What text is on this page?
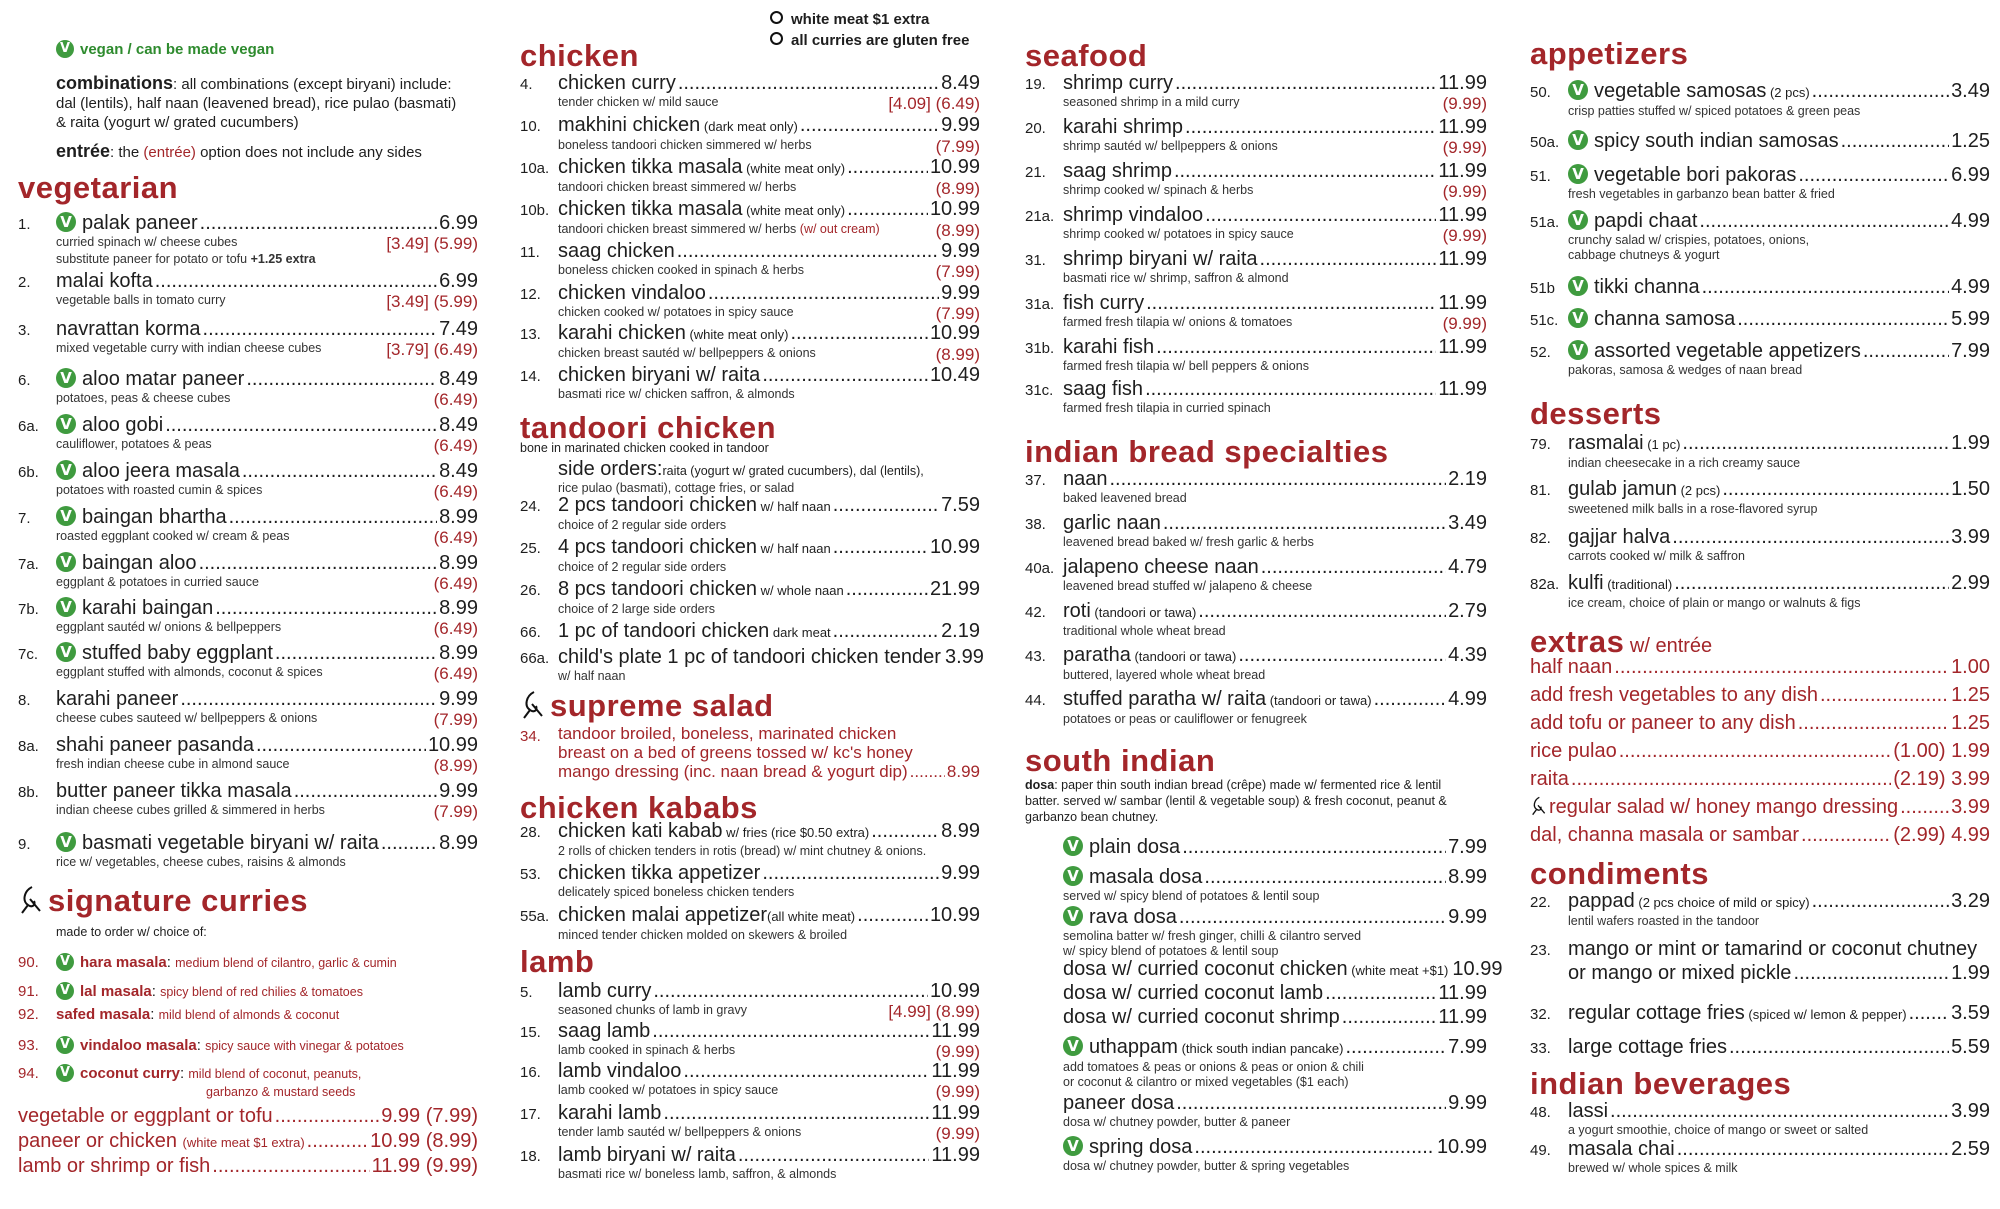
V vegan / can be made vegan
combinations: all combinations (except biryani) include:
dal (lentils), half naan (leavened bread), rice pulao (basmati)
& raita (yogurt w/ grated cucumbers)
entrée: the (entrée) option does not include any sides
vegetarian
1. V palak paneer .....	6.99
curried spinach w/ cheese cubes	[3.49] (5.99)
substitute paneer for potato or tofu +1.25 extra
2. malai kofta .....	6.99
vegetable balls in tomato curry	[3.49] (5.99)
3. navrattan korma .....	7.49
mixed vegetable curry with indian cheese cubes	[3.79] (6.49)
6. V aloo matar paneer .....	8.49
potatoes, peas & cheese cubes	(6.49)
6a. V aloo gobi .....	8.49
cauliflower, potatoes & peas	(6.49)
6b. V aloo jeera masala .....	8.49
potatoes with roasted cumin & spices	(6.49)
7. V baingan bhartha .....	8.99
roasted eggplant cooked w/ cream & peas	(6.49)
7a. V baingan aloo .....	8.99
eggplant & potatoes in curried sauce	(6.49)
7b. V karahi baingan .....	8.99
eggplant sautéd w/ onions & bellpeppers	(6.49)
7c. V stuffed baby eggplant .....	8.99
eggplant stuffed with almonds, coconut & spices	(6.49)
8. karahi paneer .....	9.99
cheese cubes sauteed w/ bellpeppers & onions	(7.99)
8a. shahi paneer pasanda .....	10.99
fresh indian cheese cube in almond sauce	(8.99)
8b. butter paneer tikka masala .....	9.99
indian cheese cubes grilled & simmered in herbs	(7.99)
9. V basmati vegetable biryani w/ raita .....	8.99
rice w/ vegetables, cheese cubes, raisins & almonds
signature curries
made to order w/ choice of:
90. V hara masala: medium blend of cilantro, garlic & cumin
91. V lal masala: spicy blend of red chilies & tomatoes
92. safed masala: mild blend of almonds & coconut
93. V vindaloo masala: spicy sauce with vinegar & potatoes
94. V coconut curry: mild blend of coconut, peanuts,
garbanzo & mustard seeds
vegetable or eggplant or tofu .....	9.99 (7.99)
paneer or chicken (white meat $1 extra) .....	10.99 (8.99)
lamb or shrimp or fish .....	11.99 (9.99)
white meat $1 extra
all curries are gluten free
chicken
4. chicken curry .....	8.49
tender chicken w/ mild sauce	[4.09] (6.49)
10. makhini chicken (dark meat only) .....	9.99
boneless tandoori chicken simmered w/ herbs	(7.99)
10a. chicken tikka masala (white meat only) .....	10.99
tandoori chicken breast simmered w/ herbs	(8.99)
10b. chicken tikka masala (white meat only) .....	10.99
tandoori chicken breast simmered w/ herbs (w/ out cream)	(8.99)
11. saag chicken .....	9.99
boneless chicken cooked in spinach & herbs	(7.99)
12. chicken vindaloo .....	9.99
chicken cooked w/ potatoes in spicy sauce	(7.99)
13. karahi chicken (white meat only) .....	10.99
chicken breast sautéd w/ bellpeppers & onions	(8.99)
14. chicken biryani w/ raita .....	10.49
basmati rice w/ chicken saffron, & almonds
tandoori chicken
bone in marinated chicken cooked in tandoor
side orders: raita (yogurt w/ grated cucumbers), dal (lentils),
rice pulao (basmati), cottage fries, or salad
24. 2 pcs tandoori chicken w/ half naan .....	7.59
choice of 2 regular side orders
25. 4 pcs tandoori chicken w/ half naan .....	10.99
choice of 2 regular side orders
26. 8 pcs tandoori chicken w/ whole naan .....	21.99
choice of 2 large side orders
66. 1 pc of tandoori chicken dark meat .....	2.19
66a. child's plate 1 pc of tandoori chicken tender 3.99
w/ half naan
supreme salad
34. tandoor broiled, boneless, marinated chicken
breast on a bed of greens tossed w/ kc's honey
mango dressing (inc. naan bread & yogurt dip) ..... 8.99
chicken kababs
28. chicken kati kabab w/ fries (rice $0.50 extra) .....	8.99
2 rolls of chicken tenders in rotis (bread) w/ mint chutney & onions.
53. chicken tikka appetizer .....	9.99
delicately spiced boneless chicken tenders
55a. chicken malai appetizer(all white meat) .....	10.99
minced tender chicken molded on skewers & broiled
lamb
5. lamb curry .....	10.99
seasoned chunks of lamb in gravy	[4.99] (8.99)
15. saag lamb .....	11.99
lamb cooked in spinach & herbs	(9.99)
16. lamb vindaloo .....	11.99
lamb cooked w/ potatoes in spicy sauce	(9.99)
17. karahi lamb .....	11.99
tender lamb sautéd w/ bellpeppers & onions	(9.99)
18. lamb biryani w/ raita .....	11.99
basmati rice w/ boneless lamb, saffron, & almonds
seafood
19. shrimp curry .....	11.99
seasoned shrimp in a mild curry	(9.99)
20. karahi shrimp .....	11.99
shrimp sautéd w/ bellpeppers & onions	(9.99)
21. saag shrimp .....	11.99
shrimp cooked w/ spinach & herbs	(9.99)
21a. shrimp vindaloo .....	11.99
shrimp cooked w/ potatoes in spicy sauce	(9.99)
31. shrimp biryani w/ raita .....	11.99
basmati rice w/ shrimp, saffron & almond
31a. fish curry .....	11.99
farmed fresh tilapia w/ onions & tomatoes	(9.99)
31b. karahi fish .....	11.99
farmed fresh tilapia w/ bell peppers & onions
31c. saag fish .....	11.99
farmed fresh tilapia in curried spinach
indian bread specialties
37. naan .....	2.19
baked leavened bread
38. garlic naan .....	3.49
leavened bread baked w/ fresh garlic & herbs
40a. jalapeno cheese naan .....	4.79
leavened bread stuffed w/ jalapeno & cheese
42. roti (tandoori or tawa) .....	2.79
traditional whole wheat bread
43. paratha (tandoori or tawa) .....	4.39
buttered, layered whole wheat bread
44. stuffed paratha w/ raita (tandoori or tawa) .....	4.99
potatoes or peas or cauliflower or fenugreek
south indian
dosa: paper thin south indian bread (crêpe) made w/ fermented rice & lentil
batter. served w/ sambar (lentil & vegetable soup) & fresh coconut, peanut &
garbanzo bean chutney.
V plain dosa .....	7.99
V masala dosa .....	8.99
served w/ spicy blend of potatoes & lentil soup
V rava dosa .....	9.99
semolina batter w/ fresh ginger, chilli & cilantro served
w/ spicy blend of potatoes & lentil soup
dosa w/ curried coconut chicken (white meat +$1) 10.99
dosa w/ curried coconut lamb .....	11.99
dosa w/ curried coconut shrimp .....	11.99
V uthappam (thick south indian pancake) .....	7.99
add tomatoes & peas or onions & peas or onion & chili
or coconut & cilantro or mixed vegetables ($1 each)
paneer dosa .....	9.99
dosa w/ chutney powder, butter & paneer
V spring dosa .....	10.99
dosa w/ chutney powder, butter & spring vegetables
appetizers
50. V vegetable samosas (2 pcs) .....	3.49
crisp patties stuffed w/ spiced potatoes & green peas
50a. V spicy south indian samosas .....	1.25
51. V vegetable bori pakoras .....	6.99
fresh vegetables in garbanzo bean batter & fried
51a. V papdi chaat .....	4.99
crunchy salad w/ crispies, potatoes, onions,
cabbage chutneys & yogurt
51b V tikki channa .....	4.99
51c. V channa samosa .....	5.99
52. V assorted vegetable appetizers .....	7.99
pakoras, samosa & wedges of naan bread
desserts
79. rasmalai (1 pc) .....	1.99
indian cheesecake in a rich creamy sauce
81. gulab jamun (2 pcs) .....	1.50
sweetened milk balls in a rose-flavored syrup
82. gajjar halva .....	3.99
carrots cooked w/ milk & saffron
82a. kulfi (traditional) .....	2.99
ice cream, choice of plain or mango or walnuts & figs
extras w/ entrée
half naan .....	1.00
add fresh vegetables to any dish .....	1.25
add tofu or paneer to any dish .....	1.25
rice pulao .....	(1.00) 1.99
raita .....	(2.19) 3.99
regular salad w/ honey mango dressing .....	3.99
dal, channa masala or sambar .....	(2.99) 4.99
condiments
22. pappad (2 pcs choice of mild or spicy) .....	3.29
lentil wafers roasted in the tandoor
23. mango or mint or tamarind or coconut chutney
or mango or mixed pickle .....	1.99
32. regular cottage fries (spiced w/ lemon & pepper) ..... 3.59
33. large cottage fries .....	5.59
indian beverages
48. lassi .....	3.99
a yogurt smoothie, choice of mango or sweet or salted
49. masala chai .....	2.59
brewed w/ whole spices & milk
